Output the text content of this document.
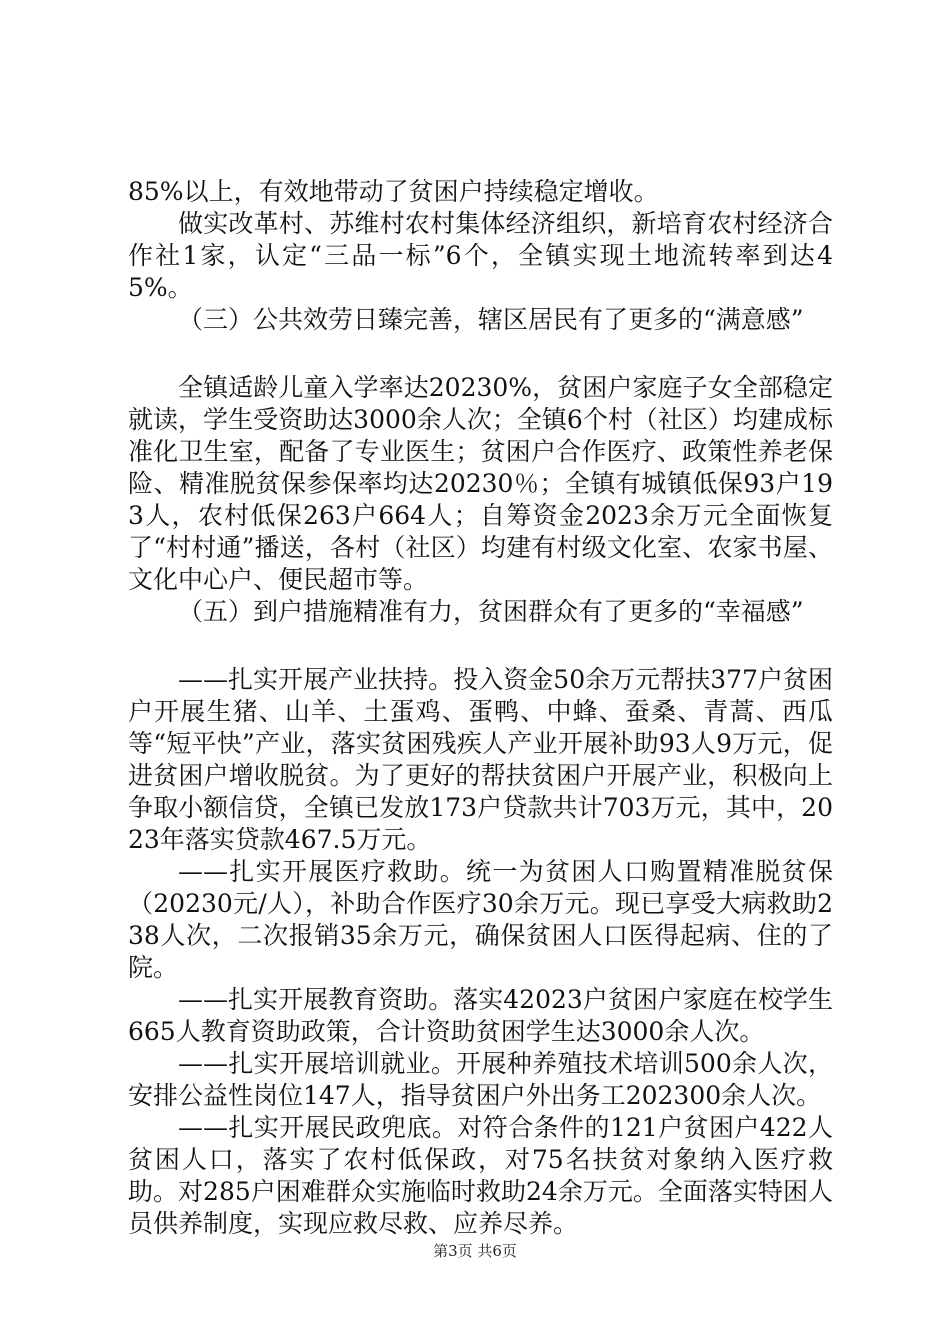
85%以上，有效地带动了贫困户持续稳定增收。

做实改革村、苏维村农村集体经济组织，新培育农村经济合作社1家，认定“三品一标”6个，全镇实现土地流转率到达45%。

（三）公共效劳日臻完善，辖区居民有了更多的“满意感”

全镇适龄儿童入学率达20230%，贫困户家庭子女全部稳定就读，学生受资助达3000余人次；全镇6个村（社区）均建成标准化卫生室，配备了专业医生；贫困户合作医疗、政策性养老保险、精准脱贫保参保率均达20230％；全镇有城镇低保93户193人，农村低保263户664人；自筹资金2023余万元全面恢复了“村村通”播送，各村（社区）均建有村级文化室、农家书屋、文化中心户、便民超市等。

（五）到户措施精准有力，贫困群众有了更多的“幸福感”

——扎实开展产业扶持。投入资金50余万元帮扶377户贫困户开展生猪、山羊、土蛋鸡、蛋鸭、中蜂、蚕桑、青蒿、西瓜等“短平快”产业，落实贫困残疾人产业开展补助93人9万元，促进贫困户增收脱贫。为了更好的帮扶贫困户开展产业，积极向上争取小额信贷，全镇已发放173户贷款共计703万元，其中，2023年落实贷款467.5万元。

——扎实开展医疗救助。统一为贫困人口购置精准脱贫保（20230元/人），补助合作医疗30余万元。现已享受大病救助238人次，二次报销35余万元，确保贫困人口医得起病、住的了院。

——扎实开展教育资助。落实42023户贫困户家庭在校学生665人教育资助政策，合计资助贫困学生达3000余人次。

——扎实开展培训就业。开展种养殖技术培训500余人次，安排公益性岗位147人，指导贫困户外出务工202300余人次。

——扎实开展民政兜底。对符合条件的121户贫困户422人贫困人口，落实了农村低保政，对75名扶贫对象纳入医疗救助。对285户困难群众实施临时救助24余万元。全面落实特困人员供养制度，实现应救尽救、应养尽养。

第3页 共6页
